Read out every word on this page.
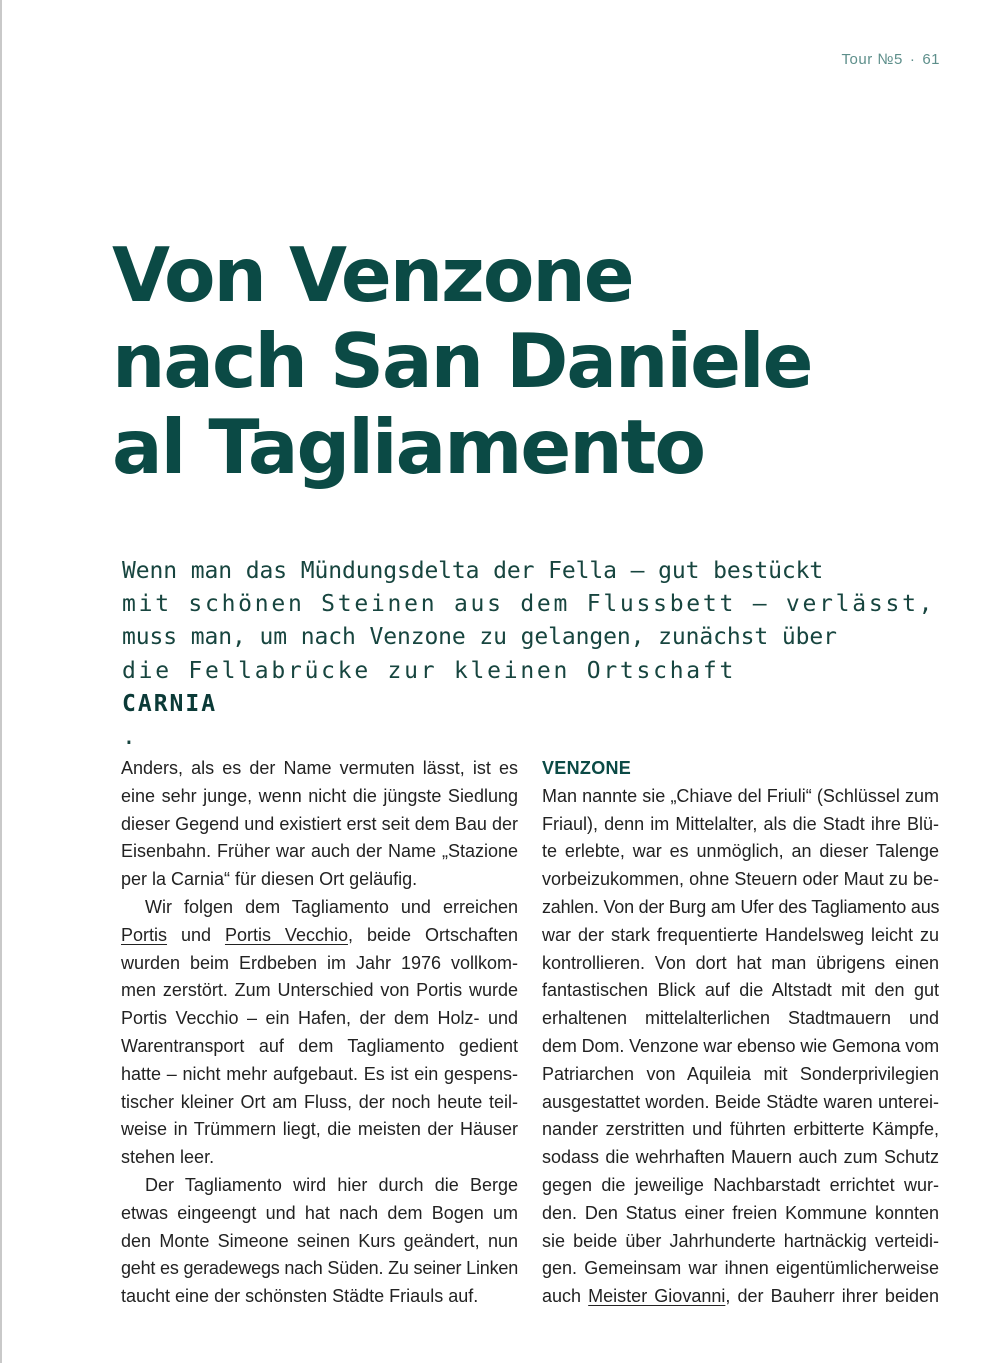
Tour №5 · 61
Von Venzone
nach San Daniele
al Tagliamento
Wenn man das Mündungsdelta der Fella – gut bestückt
mit schönen Steinen aus dem Flussbett – verlässt,
muss man, um nach Venzone zu gelangen, zunächst über
die Fellabrücke zur kleinen Ortschaft
CARNIA
.
Anders, als es der Name vermuten lässt, ist es
eine sehr junge, wenn nicht die jüngste Siedlung
dieser Gegend und existiert erst seit dem Bau der
Eisenbahn. Früher war auch der Name „Stazione
per la Carnia“ für diesen Ort geläufig.
Wir folgen dem Tagliamento und erreichen
Portis und Portis Vecchio, beide Ortschaften
wurden beim Erdbeben im Jahr 1976 vollkom-
men zerstört. Zum Unterschied von Portis wurde
Portis Vecchio – ein Hafen, der dem Holz- und
Warentransport auf dem Tagliamento gedient
hatte – nicht mehr aufgebaut. Es ist ein gespens-
tischer kleiner Ort am Fluss, der noch heute teil-
weise in Trümmern liegt, die meisten der Häuser
stehen leer.
Der Tagliamento wird hier durch die Berge
etwas eingeengt und hat nach dem Bogen um
den Monte Simeone seinen Kurs geändert, nun
geht es geradewegs nach Süden. Zu seiner Linken
taucht eine der schönsten Städte Friauls auf.
VENZONE
Man nannte sie „Chiave del Friuli“ (Schlüssel zum
Friaul), denn im Mittelalter, als die Stadt ihre Blü-
te erlebte, war es unmöglich, an dieser Talenge
vorbeizukommen, ohne Steuern oder Maut zu be-
zahlen. Von der Burg am Ufer des Tagliamento aus
war der stark frequentierte Handelsweg leicht zu
kontrollieren. Von dort hat man übrigens einen
fantastischen Blick auf die Altstadt mit den gut
erhaltenen mittelalterlichen Stadtmauern und
dem Dom. Venzone war ebenso wie Gemona vom
Patriarchen von Aquileia mit Sonderprivilegien
ausgestattet worden. Beide Städte waren unterei-
nander zerstritten und führten erbitterte Kämpfe,
sodass die wehrhaften Mauern auch zum Schutz
gegen die jeweilige Nachbarstadt errichtet wur-
den. Den Status einer freien Kommune konnten
sie beide über Jahrhunderte hartnäckig verteidi-
gen. Gemeinsam war ihnen eigentümlicherweise
auch Meister Giovanni, der Bauherr ihrer beiden
